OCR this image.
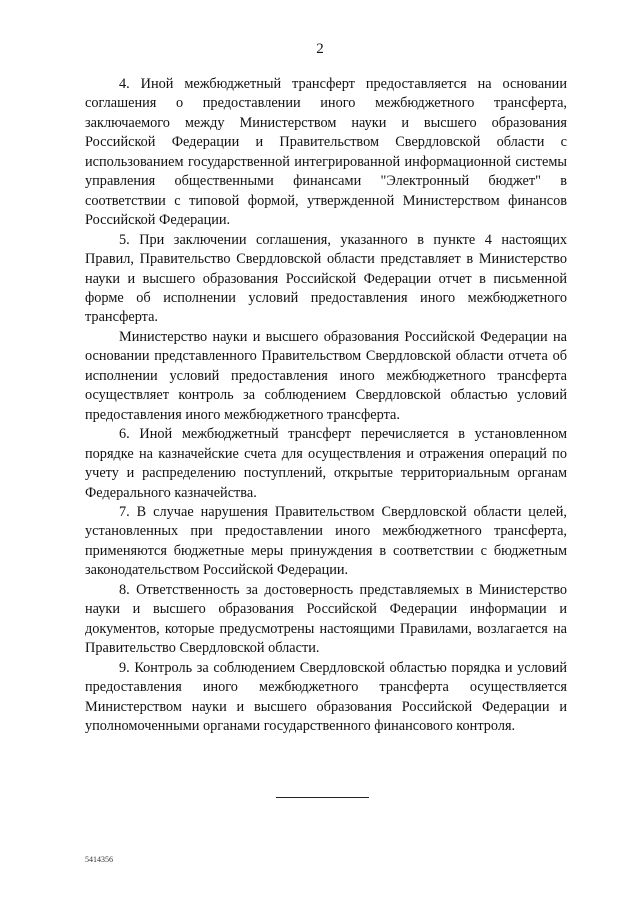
2

4. Иной межбюджетный трансферт предоставляется на основании соглашения о предоставлении иного межбюджетного трансферта, заключаемого между Министерством науки и высшего образования Российской Федерации и Правительством Свердловской области с использованием государственной интегрированной информационной системы управления общественными финансами "Электронный бюджет" в соответствии с типовой формой, утвержденной Министерством финансов Российской Федерации.

5. При заключении соглашения, указанного в пункте 4 настоящих Правил, Правительство Свердловской области представляет в Министерство науки и высшего образования Российской Федерации отчет в письменной форме об исполнении условий предоставления иного межбюджетного трансферта.

Министерство науки и высшего образования Российской Федерации на основании представленного Правительством Свердловской области отчета об исполнении условий предоставления иного межбюджетного трансферта осуществляет контроль за соблюдением Свердловской областью условий предоставления иного межбюджетного трансферта.

6. Иной межбюджетный трансферт перечисляется в установленном порядке на казначейские счета для осуществления и отражения операций по учету и распределению поступлений, открытые территориальным органам Федерального казначейства.

7. В случае нарушения Правительством Свердловской области целей, установленных при предоставлении иного межбюджетного трансферта, применяются бюджетные меры принуждения в соответствии с бюджетным законодательством Российской Федерации.

8. Ответственность за достоверность представляемых в Министерство науки и высшего образования Российской Федерации информации и документов, которые предусмотрены настоящими Правилами, возлагается на Правительство Свердловской области.

9. Контроль за соблюдением Свердловской областью порядка и условий предоставления иного межбюджетного трансферта осуществляется Министерством науки и высшего образования Российской Федерации и уполномоченными органами государственного финансового контроля.

5414356
